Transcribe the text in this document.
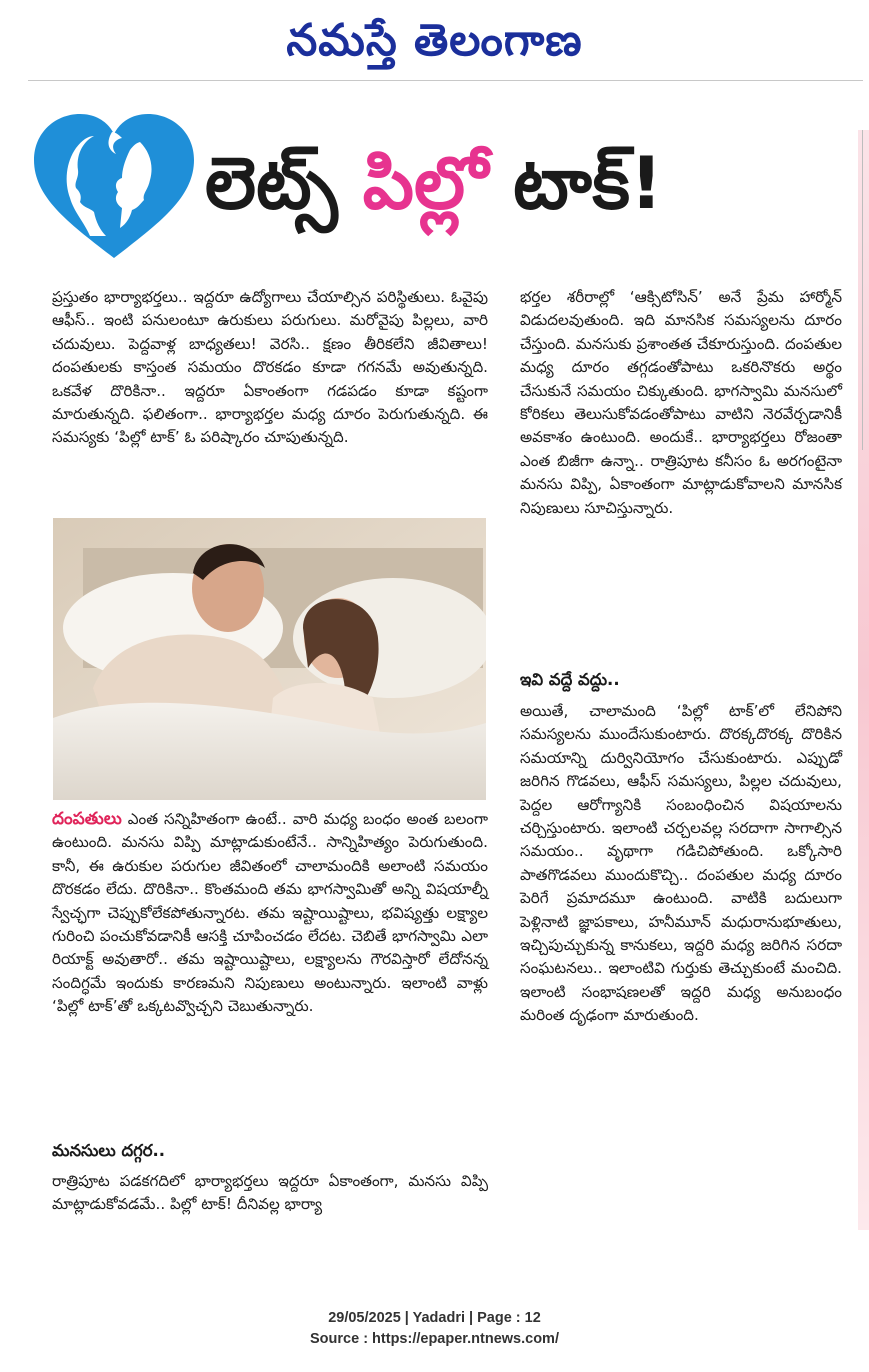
నమస్తే తెలంగాణ
లెట్స్ పిల్లో టాక్!
ప్రస్తుతం భార్యాభర్తలు.. ఇద్దరూ ఉద్యోగాలు చేయాల్సిన పరిస్థితులు. ఓవైపు ఆఫీస్.. ఇంటి పనులంటూ ఉరుకులు పరుగులు. మరోవైపు పిల్లలు, వారి చదువులు. పెద్దవాళ్ల బాధ్యతలు! వెరసి.. క్షణం తీరికలేని జీవితాలు! దంపతులకు కాస్తంత సమయం దొరకడం కూడా గగనమే అవుతున్నది. ఒకవేళ దొరికినా.. ఇద్దరూ ఏకాంతంగా గడపడం కూడా కష్టంగా మారుతున్నది. ఫలితంగా.. భార్యాభర్తల మధ్య దూరం పెరుగుతున్నది. ఈ సమస్యకు ‘పిల్లో టాక్’ ఓ పరిష్కారం చూపుతున్నది.
దంపతులు ఎంత సన్నిహితంగా ఉంటే.. వారి మధ్య బంధం అంత బలంగా ఉంటుంది. మనసు విప్పి మాట్లాడుకుంటేనే.. సాన్నిహిత్యం పెరుగుతుంది. కానీ, ఈ ఉరుకుల పరుగుల జీవితంలో చాలామందికి అలాంటి సమయం దొరకడం లేదు. దొరికినా.. కొంతమంది తమ భాగస్వామితో అన్ని విషయాల్నీ స్వేచ్ఛగా చెప్పుకోలేకపోతున్నారట. తమ ఇష్టాయిష్టాలు, భవిష్యత్తు లక్ష్యాల గురించి పంచుకోవడానికీ ఆసక్తి చూపించడం లేదట. చెబితే భాగస్వామి ఎలా రియాక్ట్ అవుతారో.. తమ ఇష్టాయిష్టాలు, లక్ష్యాలను గౌరవిస్తారో లేదోనన్న సందిగ్ధమే ఇందుకు కారణమని నిపుణులు అంటున్నారు. ఇలాంటి వాళ్లు ‘పిల్లో టాక్’తో ఒక్కటవ్వొచ్చని చెబుతున్నారు.
మనసులు దగ్గర..
రాత్రిపూట పడకగదిలో భార్యాభర్తలు ఇద్దరూ ఏకాంతంగా, మనసు విప్పి మాట్లాడుకోవడమే.. పిల్లో టాక్! దీనివల్ల భార్యా
భర్తల శరీరాల్లో ‘ఆక్సిటోసిన్’ అనే ప్రేమ హార్మోన్ విడుదలవుతుంది. ఇది మానసిక సమస్యలను దూరం చేస్తుంది. మనసుకు ప్రశాంతత చేకూరుస్తుంది. దంపతుల మధ్య దూరం తగ్గడంతోపాటు ఒకరినొకరు అర్థం చేసుకునే సమయం చిక్కుతుంది. భాగస్వామి మనసులో కోరికలు తెలుసుకోవడంతోపాటు వాటిని నెరవేర్చడానికీ అవకాశం ఉంటుంది. అందుకే.. భార్యాభర్తలు రోజంతా ఎంత బిజీగా ఉన్నా.. రాత్రిపూట కనీసం ఓ అరగంటైనా మనసు విప్పి, ఏకాంతంగా మాట్లాడుకోవాలని మానసిక నిపుణులు సూచిస్తున్నారు.
ఇవి వద్దే వద్దు..
అయితే, చాలామంది ‘పిల్లో టాక్’లో లేనిపోని సమస్యలను ముందేసుకుంటారు. దొరక్కదొరక్క దొరికిన సమయాన్ని దుర్వినియోగం చేసుకుంటారు. ఎప్పుడో జరిగిన గొడవలు, ఆఫీస్ సమస్యలు, పిల్లల చదువులు, పెద్దల ఆరోగ్యానికి సంబంధించిన విషయాలను చర్చిస్తుంటారు. ఇలాంటి చర్చలవల్ల సరదాగా సాగాల్సిన సమయం.. వృథాగా గడిచిపోతుంది. ఒక్కోసారి పాతగొడవలు ముందుకొచ్చి.. దంపతుల మధ్య దూరం పెరిగే ప్రమాదమూ ఉంటుంది. వాటికి బదులుగా పెళ్లినాటి జ్ఞాపకాలు, హనీమూన్ మధురానుభూతులు, ఇచ్చిపుచ్చుకున్న కానుకలు, ఇద్దరి మధ్య జరిగిన సరదా సంఘటనలు.. ఇలాంటివి గుర్తుకు తెచ్చుకుంటే మంచిది. ఇలాంటి సంభాషణలతో ఇద్దరి మధ్య అనుబంధం మరింత దృఢంగా మారుతుంది.
29/05/2025 | Yadadri | Page : 12
Source : https://epaper.ntnews.com/
